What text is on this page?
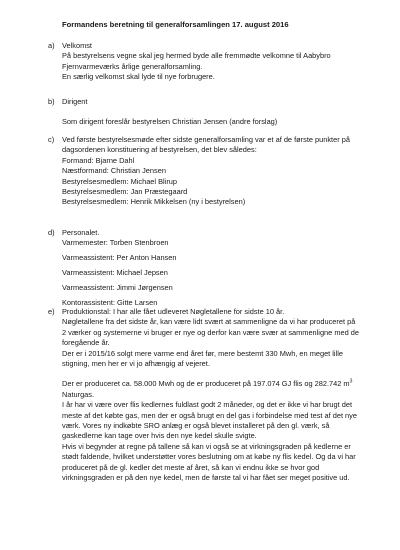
Formandens beretning til generalforsamlingen 17. august 2016
a) Velkomst
På bestyrelsens vegne skal jeg hermed byde alle fremmødte velkomne til Aabybro
Fjernvarmeværks årlige generalforsamling.
En særlig velkomst skal lyde til nye forbrugere.
b) Dirigent
Som dirigent foreslår bestyrelsen Christian Jensen (andre forslag)
c) Ved første bestyrelsesmøde efter sidste generalforsamling var et af de første punkter på
dagsordenen konstituering af bestyrelsen, det blev således:
Formand: Bjarne Dahl
Næstformand: Christian Jensen
Bestyrelsesmedlem: Michael Blirup
Bestyrelsesmedlem: Jan Præstegaard
Bestyrelsesmedlem: Henrik Mikkelsen (ny i bestyrelsen)
d) Personalet.
Varmemester: Torben Stenbroen
Varmeassistent: Per Anton Hansen
Varmeassistent: Michael Jepsen
Varmeassistent: Jimmi Jørgensen
Kontorassistent: Gitte Larsen
e) Produktionstal: I har alle fået udleveret Nøgletallene for sidste 10 år.
Nøgletallene fra det sidste år, kan være lidt svært at sammenligne da vi har produceret på
2 værker og systemerne vi bruger er nye og derfor kan være svær at sammenligne med de
foregående år.
Der er i 2015/16 solgt mere varme end året før, mere bestemt 330 Mwh, en meget lille
stigning, men her er vi jo afhængig af vejeret.
Der er produceret ca. 58.000 Mwh og de er produceret på 197.074 GJ flis og 282.742 $m^3$
Naturgas.
I år har vi være over flis kedlernes fuldlast godt 2 måneder, og det er ikke vi har brugt det
meste af det købte gas, men der er også brugt en del gas i forbindelse med test af det nye
værk. Vores ny indkøbte SRO anlæg er også blevet installeret på den gl. værk, så
gaskedlerne kan tage over hvis den nye kedel skulle svigte.
Hvis vi begynder at regne på tallene så kan vi også se at virkningsgraden på kedlerne er
stødt faldende, hvilket understøtter vores beslutning om at købe ny flis kedel. Og da vi har
produceret på de gl. kedler det meste af året, så kan vi endnu ikke se hvor god
virkningsgraden er på den nye kedel, men de første tal vi har fået ser meget positive ud.
